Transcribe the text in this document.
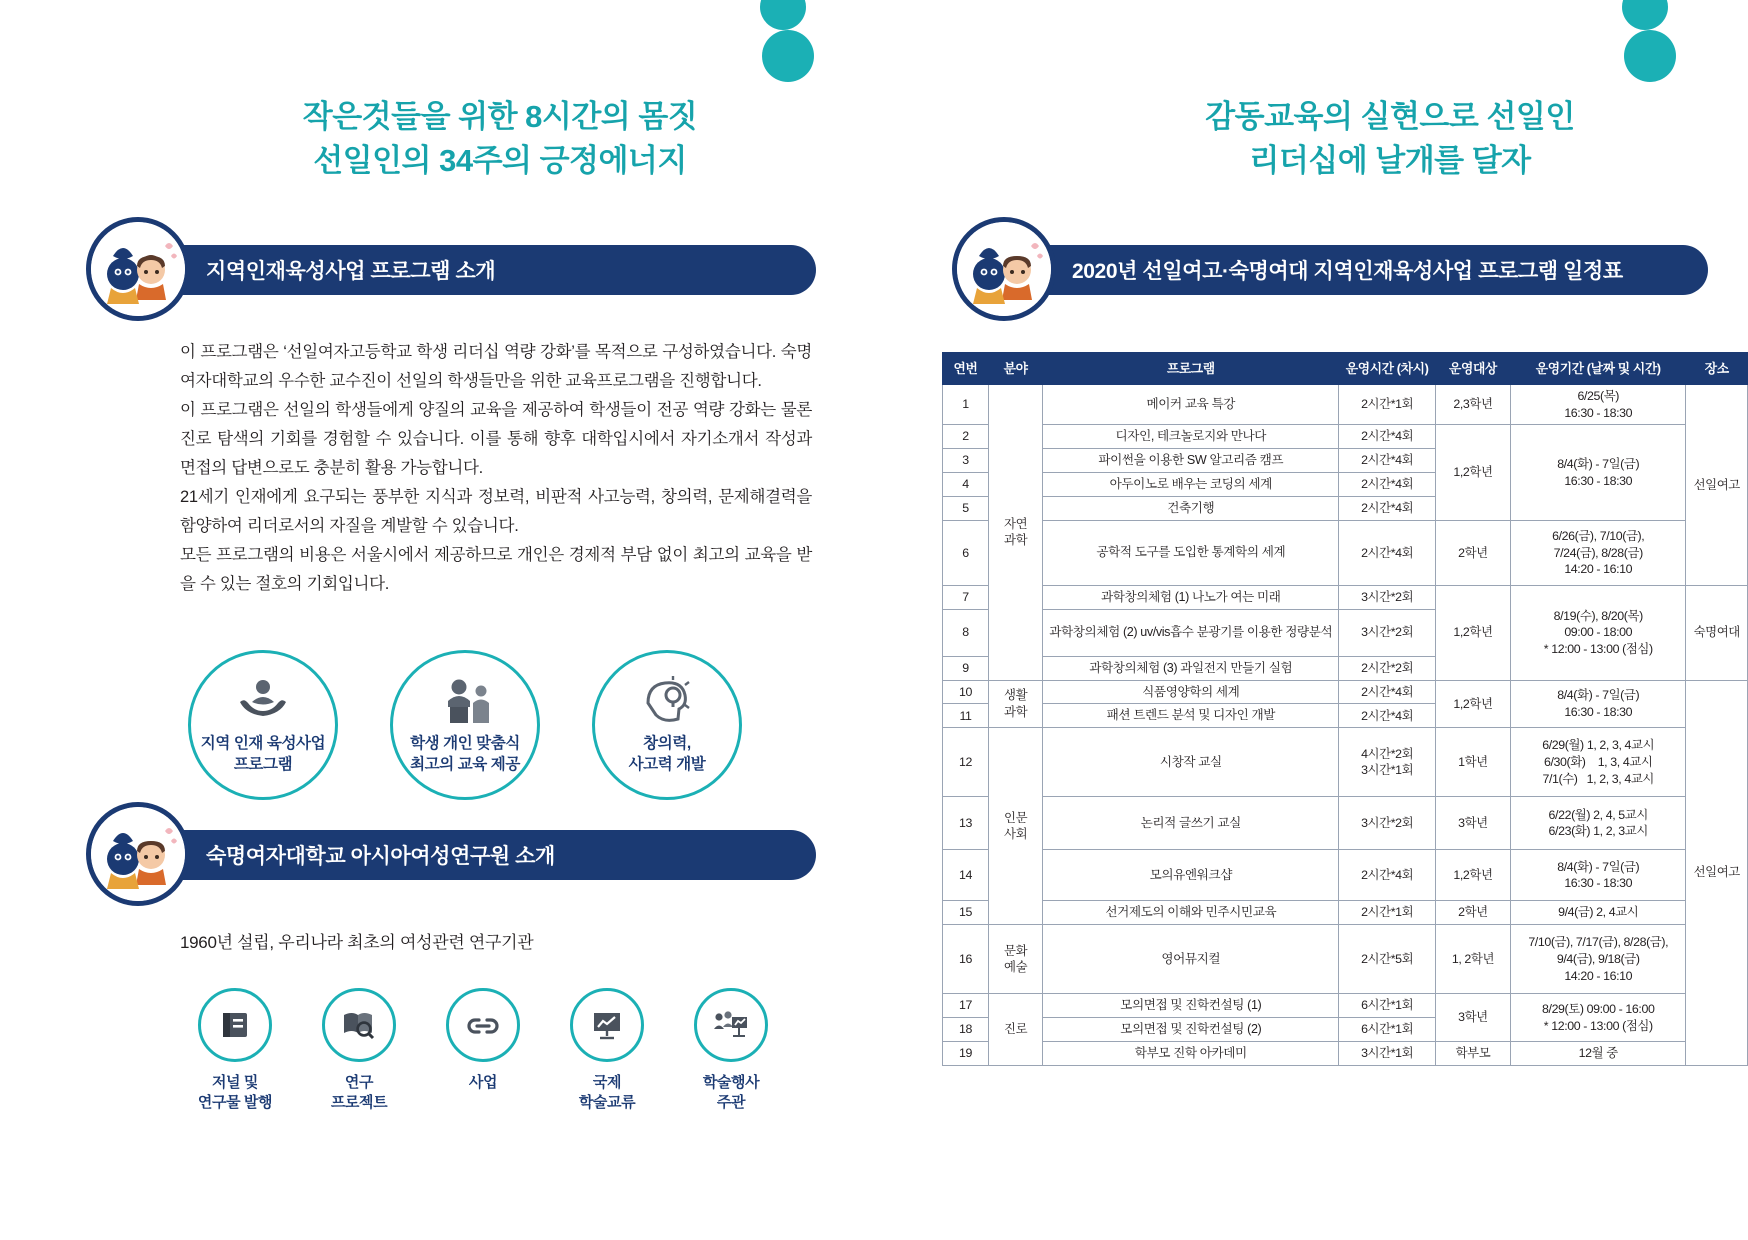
작은것들을 위한 8시간의 몸짓
선일인의 34주의 긍정에너지
지역인재육성사업 프로그램 소개
이 프로그램은 ‘선일여자고등학교 학생 리더십 역량 강화’를 목적으로 구성하였습니다. 숙명여자대학교의 우수한 교수진이 선일의 학생들만을 위한 교육프로그램을 진행합니다.
이 프로그램은 선일의 학생들에게 양질의 교육을 제공하여 학생들이 전공 역량 강화는 물론 진로 탐색의 기회를 경험할 수 있습니다. 이를 통해 향후 대학입시에서 자기소개서 작성과 면접의 답변으로도 충분히 활용 가능합니다.
21세기 인재에게 요구되는 풍부한 지식과 정보력, 비판적 사고능력, 창의력, 문제해결력을 함양하여 리더로서의 자질을 계발할 수 있습니다.
모든 프로그램의 비용은 서울시에서 제공하므로 개인은 경제적 부담 없이 최고의 교육을 받을 수 있는 절호의 기회입니다.
지역 인재 육성사업
프로그램
학생 개인 맞춤식
최고의 교육 제공
창의력,
사고력 개발
숙명여자대학교 아시아여성연구원 소개
1960년 설립, 우리나라 최초의 여성관련 연구기관
저널 및
연구물 발행
연구
프로젝트
사업	국제
학술교류
학술행사
주관
감동교육의 실현으로 선일인
리더십에 날개를 달자
2020년 선일여고·숙명여대 지역인재육성사업 프로그램 일정표
연번	분야	프로그램	운영시간 (차시)	운영대상	운영기간 (날짜 및 시간)	장소
1	자연
과학	메이커 교육 특강	2시간*1회	2,3학년	6/25(목)
16:30 - 18:30	선일여고
2		디자인, 테크놀로지와 만나다	2시간*4회	1,2학년	8/4(화) - 7일(금)
16:30 - 18:30	
3		파이썬을 이용한 SW 알고리즘 캠프	2시간*4회			
4		아두이노로 배우는 코딩의 세계	2시간*4회			
5		건축기행	2시간*4회			
6		공학적 도구를 도입한 통계학의 세계	2시간*4회	2학년	6/26(금), 7/10(금),
7/24(금), 8/28(금)
14:20 - 16:10	
7		과학창의체험 (1) 나노가 여는 미래	3시간*2회	1,2학년	8/19(수), 8/20(목)
09:00 - 18:00
* 12:00 - 13:00 (점심)	숙명여대
8		과학창의체험 (2) uv/vis흡수 분광기를 이용한 정량분석	3시간*2회			
9		과학창의체험 (3) 과일전지 만들기 실험	2시간*2회			
10	생활
과학	식품영양학의 세계	2시간*4회	1,2학년	8/4(화) - 7일(금)
16:30 - 18:30	선일여고
11		패션 트렌드 분석 및 디자인 개발	2시간*4회			
12	인문
사회	시창작 교실	4시간*2회
3시간*1회	1학년	6/29(월) 1, 2, 3, 4교시
6/30(화)    1, 3, 4교시
7/1(수)   1, 2, 3, 4교시	
13		논리적 글쓰기 교실	3시간*2회	3학년	6/22(월) 2, 4, 5교시
6/23(화) 1, 2, 3교시	
14		모의유엔워크샵	2시간*4회	1,2학년	8/4(화) - 7일(금)
16:30 - 18:30	
15		선거제도의 이해와 민주시민교육	2시간*1회	2학년	9/4(금) 2, 4교시	
16	문화
예술	영어뮤지컬	2시간*5회	1, 2학년	7/10(금), 7/17(금), 8/28(금),
9/4(금), 9/18(금)
14:20 - 16:10	
17	진로	모의면접 및 진학컨설팅 (1)	6시간*1회	3학년	8/29(토) 09:00 - 16:00
* 12:00 - 13:00 (점심)	
18		모의면접 및 진학컨설팅 (2)	6시간*1회			
19		학부모 진학 아카데미	3시간*1회	학부모	12월 중	
